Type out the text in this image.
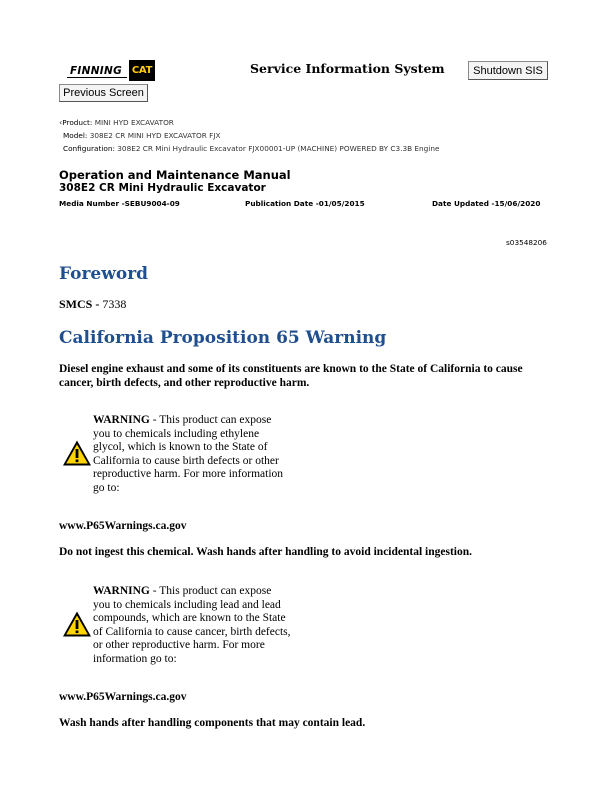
FINNING CAT	Service Information System	Shutdown SIS
Previous Screen
‹Product: MINI HYD EXCAVATOR
Model: 308E2 CR MINI HYD EXCAVATOR FJX
Configuration: 308E2 CR Mini Hydraulic Excavator FJX00001-UP (MACHINE) POWERED BY C3.3B Engine
Operation and Maintenance Manual
308E2 CR Mini Hydraulic Excavator
Media Number -SEBU9004-09	Publication Date -01/05/2015	Date Updated -15/06/2020
s03548206
Foreword
SMCS - 7338
California Proposition 65 Warning
Diesel engine exhaust and some of its constituents are known to the State of California to cause
cancer, birth defects, and other reproductive harm.
WARNING - This product can expose
you to chemicals including ethylene
glycol, which is known to the State of
California to cause birth defects or other
reproductive harm. For more information
go to:
www.P65Warnings.ca.gov
Do not ingest this chemical. Wash hands after handling to avoid incidental ingestion.
WARNING - This product can expose
you to chemicals including lead and lead
compounds, which are known to the State
of California to cause cancer, birth defects,
or other reproductive harm. For more
information go to:
www.P65Warnings.ca.gov
Wash hands after handling components that may contain lead.
